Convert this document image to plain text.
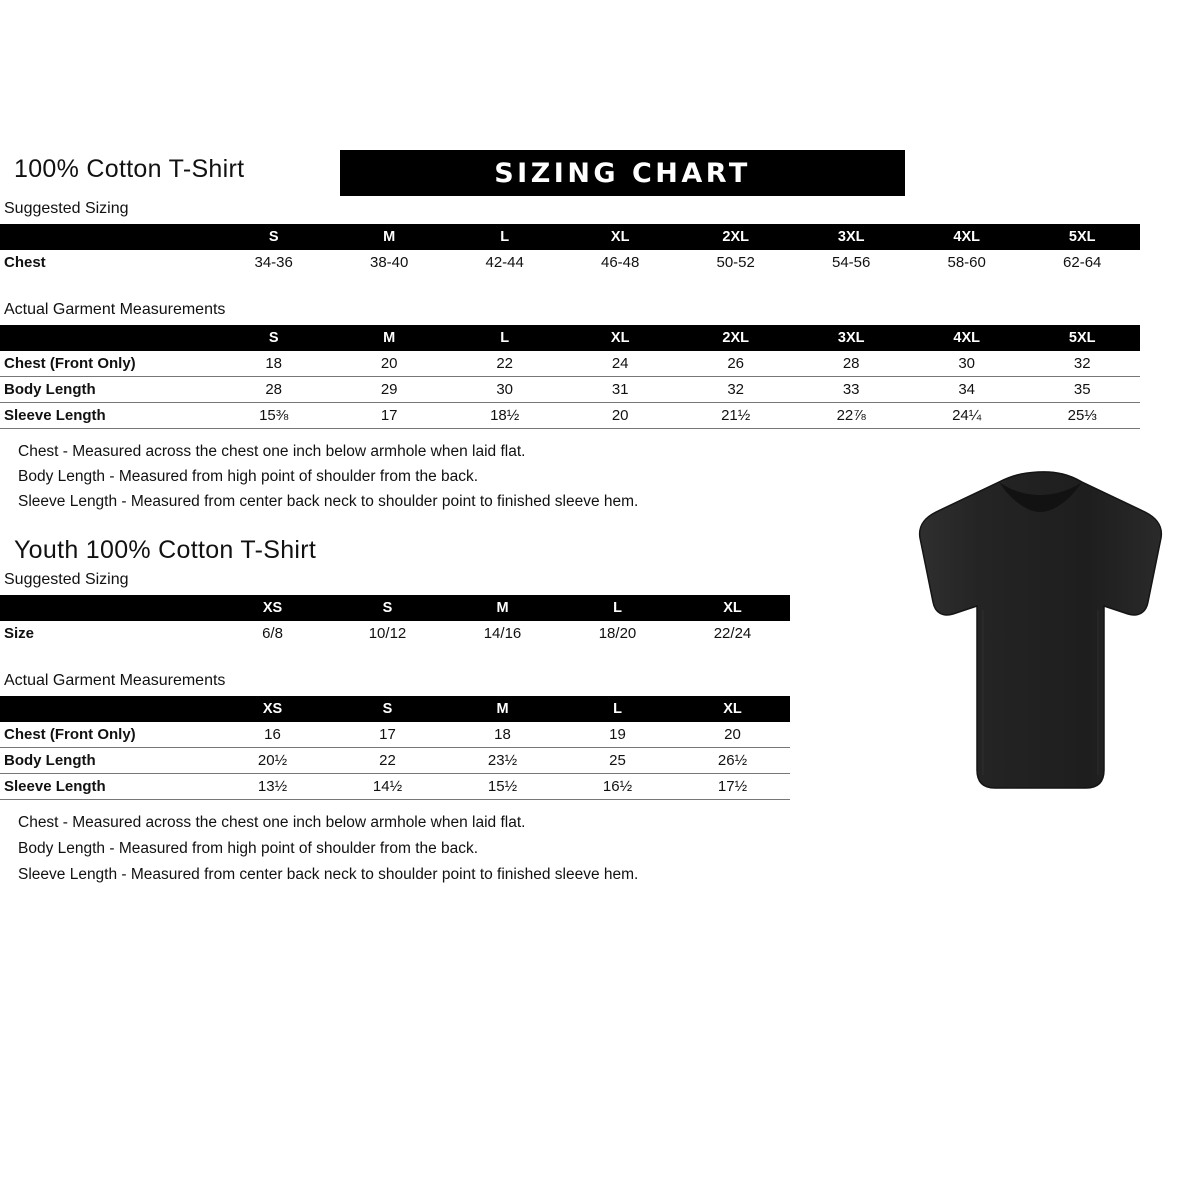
100% Cotton T-Shirt	SIZING CHART
Suggested Sizing
	S	M	L	XL	2XL	3XL	4XL	5XL
Chest	34-36	38-40	42-44	46-48	50-52	54-56	58-60	62-64
Actual Garment Measurements
	S	M	L	XL	2XL	3XL	4XL	5XL
Chest (Front Only)	18	20	22	24	26	28	30	32
Body Length	28	29	30	31	32	33	34	35
Sleeve Length	15⅜	17	18½	20	21½	22⅞	24¼	25⅓

Chest - Measured across the chest one inch below armhole when laid flat.

Body Length - Measured from high point of shoulder from the back.

Sleeve Length - Measured from center back neck to shoulder point to finished sleeve hem.

Youth 100% Cotton T-Shirt
Suggested Sizing
	XS	S	M	L	XL
Size	6/8	10/12	14/16	18/20	22/24
Actual Garment Measurements
	XS	S	M	L	XL
Chest (Front Only)	16	17	18	19	20
Body Length	20½	22	23½	25	26½
Sleeve Length	13½	14½	15½	16½	17½

Chest - Measured across the chest one inch below armhole when laid flat.

Body Length - Measured from high point of shoulder from the back.

Sleeve Length - Measured from center back neck to shoulder point to finished sleeve hem.
